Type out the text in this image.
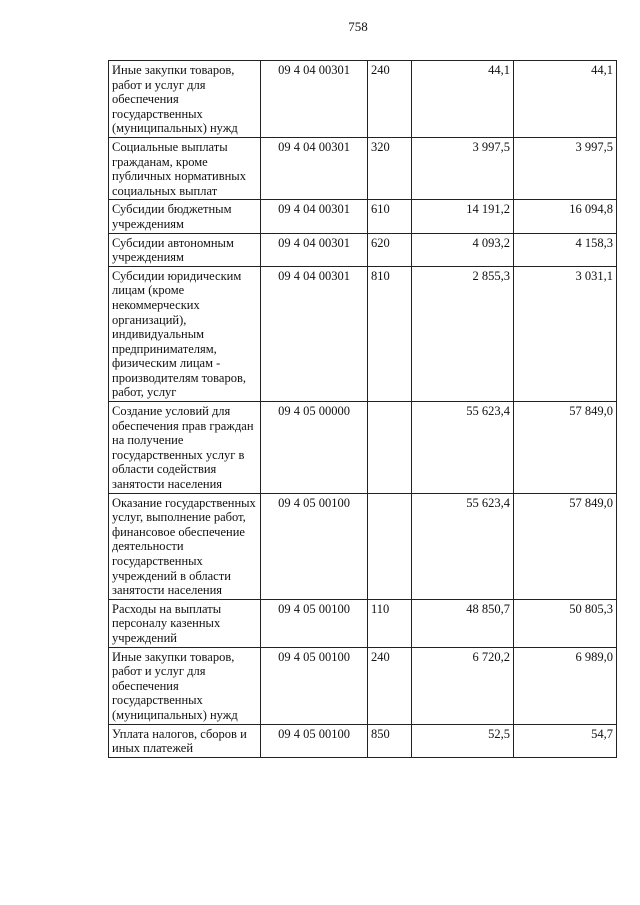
758
Иные закупки товаров, работ и услуг для обеспечения государственных (муниципальных) нужд	09 4 04 00301	240	44,1	44,1
Социальные выплаты гражданам, кроме публичных нормативных социальных выплат	09 4 04 00301	320	3 997,5	3 997,5
Субсидии бюджетным учреждениям	09 4 04 00301	610	14 191,2	16 094,8
Субсидии автономным учреждениям	09 4 04 00301	620	4 093,2	4 158,3
Субсидии юридическим лицам (кроме некоммерческих организаций), индивидуальным предпринимателям, физическим лицам - производителям товаров, работ, услуг	09 4 04 00301	810	2 855,3	3 031,1
Создание условий для обеспечения прав граждан на получение государственных услуг в области содействия занятости населения	09 4 05 00000		55 623,4	57 849,0
Оказание государственных услуг, выполнение работ, финансовое обеспечение деятельности государственных учреждений в области занятости населения	09 4 05 00100		55 623,4	57 849,0
Расходы на выплаты персоналу казенных учреждений	09 4 05 00100	110	48 850,7	50 805,3
Иные закупки товаров, работ и услуг для обеспечения государственных (муниципальных) нужд	09 4 05 00100	240	6 720,2	6 989,0
Уплата налогов, сборов и иных платежей	09 4 05 00100	850	52,5	54,7
